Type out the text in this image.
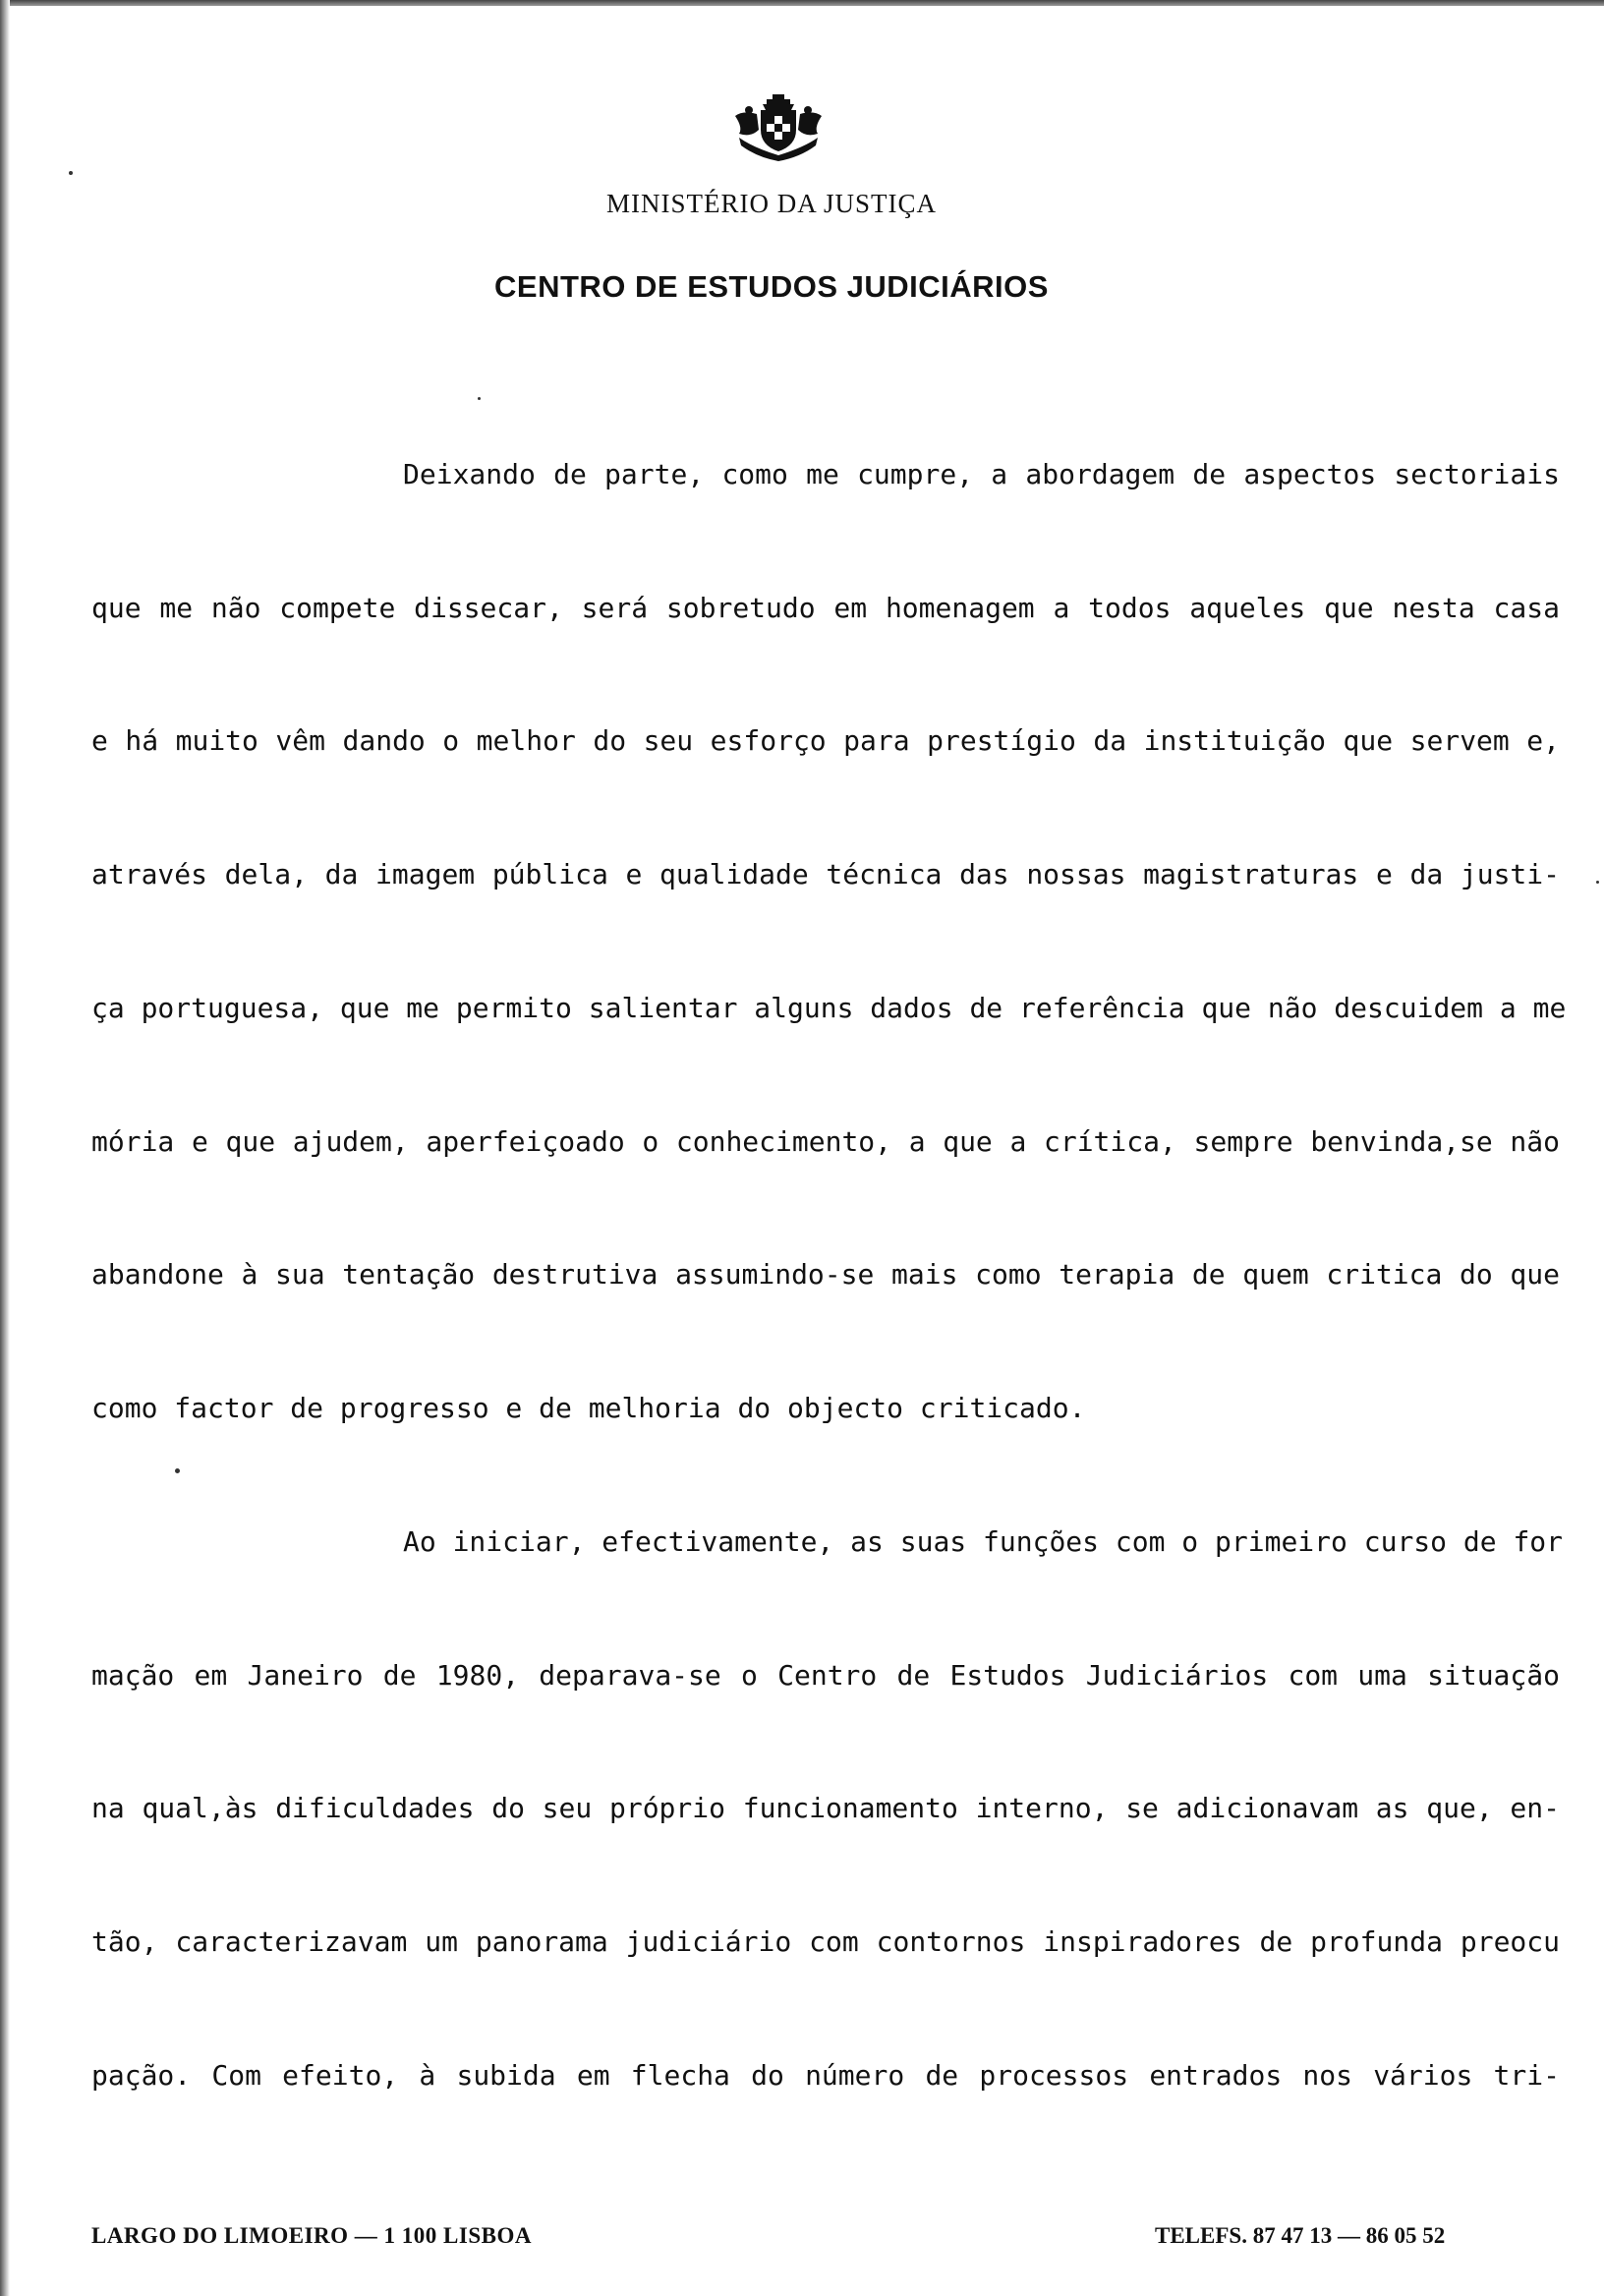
MINISTÉRIO DA JUSTIÇA
CENTRO DE ESTUDOS JUDICIÁRIOS
Deixando de parte, como me cumpre, a abordagem de aspectos sectoriais
que me não compete dissecar, será sobretudo em homenagem a todos aqueles que nesta casa
e há muito vêm dando o melhor do seu esforço para prestígio da instituição que servem e,
através dela, da imagem pública e qualidade técnica das nossas magistraturas e da justi-
ça portuguesa, que me permito salientar alguns dados de referência que não descuidem a me
mória e que ajudem, aperfeiçoado o conhecimento, a que a crítica, sempre benvinda,se não
abandone à sua tentação destrutiva assumindo-se mais como terapia de quem critica do que
como factor de progresso e de melhoria do objecto criticado.
Ao iniciar, efectivamente, as suas funções com o primeiro curso de for
mação em Janeiro de 1980, deparava-se o Centro de Estudos Judiciários com uma situação
na qual,às dificuldades do seu próprio funcionamento interno, se adicionavam as que, en-
tão, caracterizavam um panorama judiciário com contornos inspiradores de profunda preocu
pação. Com efeito, à subida em flecha do número de processos entrados nos vários tri-
LARGO DO LIMOEIRO — 1 100 LISBOA	TELEFS. 87 47 13 — 86 05 52
